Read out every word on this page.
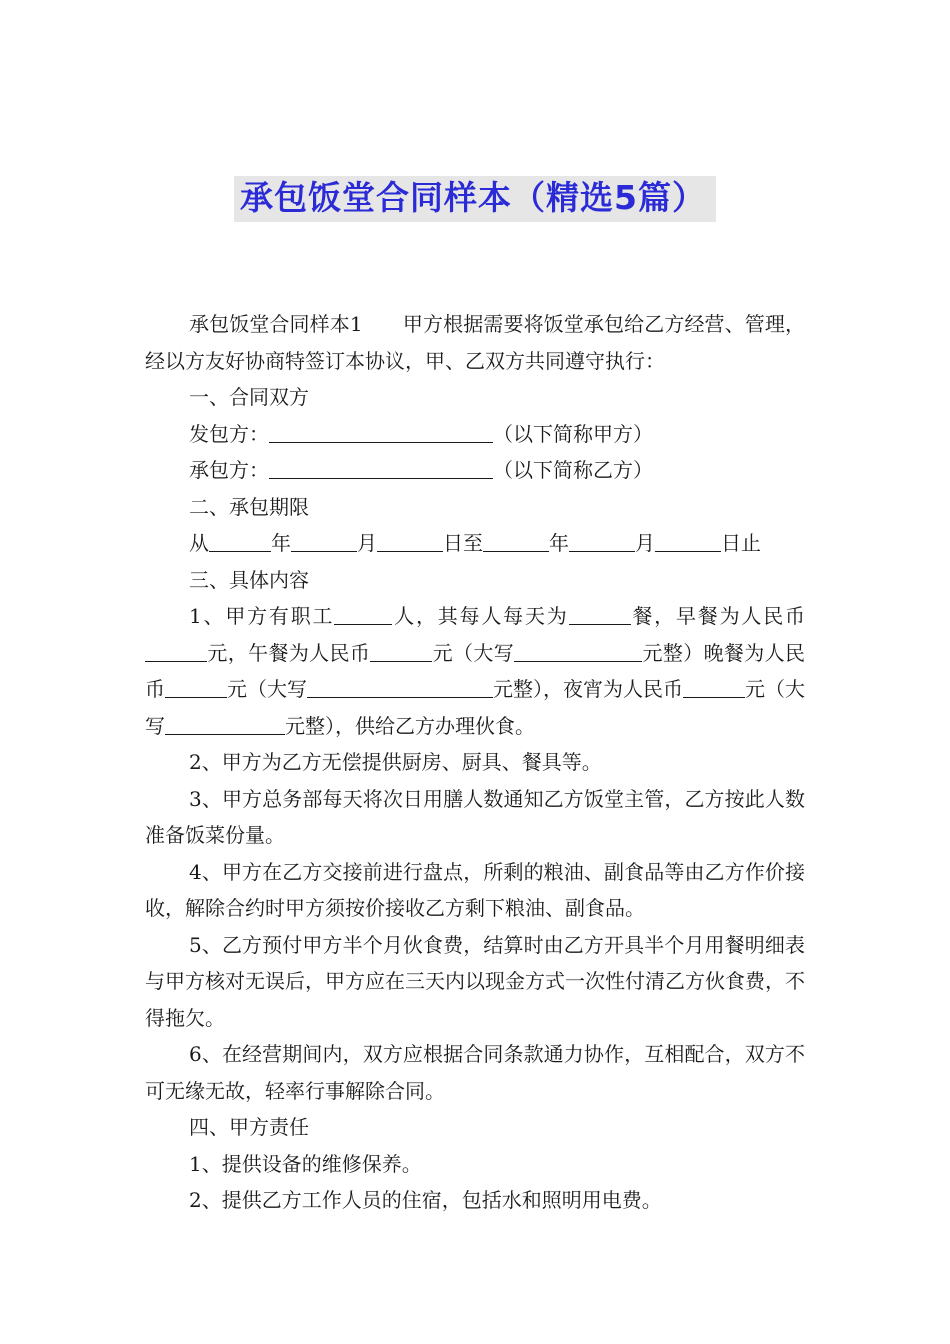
承包饭堂合同样本（精选5篇）

承包饭堂合同样本1　　甲方根据需要将饭堂承包给乙方经营、管理，经以方友好协商特签订本协议，甲、乙双方共同遵守执行：

一、合同双方

发包方：	（以下简称甲方）

承包方：	（以下简称乙方）

二、承包期限

从	年	月	日至	年	月	日止

三、具体内容

1、甲方有职工	人，其每人每天为	餐，早餐为人民币元，午餐为人民币	元（大写	元整）晚餐为人民币	元（大写	元整），夜宵为人民币	元（大写	元整），供给乙方办理伙食。

2、甲方为乙方无偿提供厨房、厨具、餐具等。

3、甲方总务部每天将次日用膳人数通知乙方饭堂主管，乙方按此人数准备饭菜份量。

4、甲方在乙方交接前进行盘点，所剩的粮油、副食品等由乙方作价接收，解除合约时甲方须按价接收乙方剩下粮油、副食品。

5、乙方预付甲方半个月伙食费，结算时由乙方开具半个月用餐明细表与甲方核对无误后，甲方应在三天内以现金方式一次性付清乙方伙食费，不得拖欠。

6、在经营期间内，双方应根据合同条款通力协作，互相配合，双方不可无缘无故，轻率行事解除合同。

四、甲方责任

1、提供设备的维修保养。

2、提供乙方工作人员的住宿，包括水和照明用电费。
